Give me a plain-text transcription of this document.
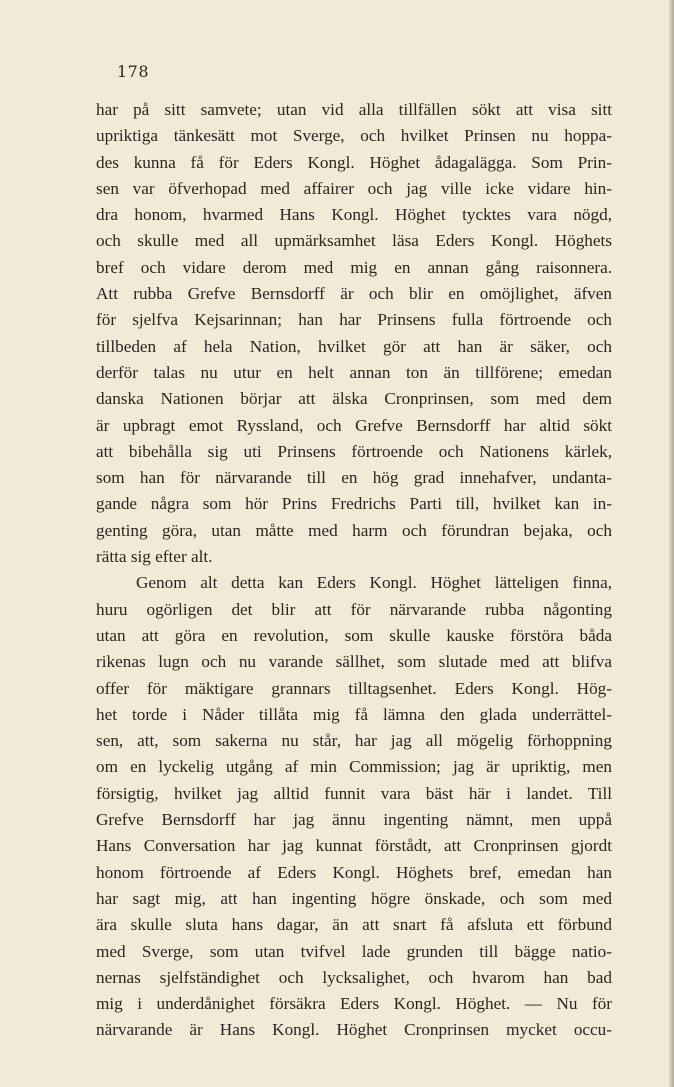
178
har på sitt samvete; utan vid alla tillfällen sökt att visa sitt
upriktiga tänkesätt mot Sverge, och hvilket Prinsen nu hoppa-
des kunna få för Eders Kongl. Höghet ådagalägga. Som Prin-
sen var öfverhopad med affairer och jag ville icke vidare hin-
dra honom, hvarmed Hans Kongl. Höghet tycktes vara nögd,
och skulle med all upmärksamhet läsa Eders Kongl. Höghets
bref och vidare derom med mig en annan gång raisonnera.
Att rubba Grefve Bernsdorff är och blir en omöjlighet, äfven
för sjelfva Kejsarinnan; han har Prinsens fulla förtroende och
tillbeden af hela Nation, hvilket gör att han är säker, och
derför talas nu utur en helt annan ton än tillförene; emedan
danska Nationen börjar att älska Cronprinsen, som med dem
är upbragt emot Ryssland, och Grefve Bernsdorff har altid sökt
att bibehålla sig uti Prinsens förtroende och Nationens kärlek,
som han för närvarande till en hög grad innehafver, undanta-
gande några som hör Prins Fredrichs Parti till, hvilket kan in-
genting göra, utan måtte med harm och förundran bejaka, och
rätta sig efter alt.
Genom alt detta kan Eders Kongl. Höghet lätteligen finna,
huru ogörligen det blir att för närvarande rubba någonting
utan att göra en revolution, som skulle kauske förstöra båda
rikenas lugn och nu varande sällhet, som slutade med att blifva
offer för mäktigare grannars tilltagsenhet. Eders Kongl. Hög-
het torde i Nåder tillåta mig få lämna den glada underrättel-
sen, att, som sakerna nu står, har jag all mögelig förhoppning
om en lyckelig utgång af min Commission; jag är upriktig, men
försigtig, hvilket jag alltid funnit vara bäst här i landet. Till
Grefve Bernsdorff har jag ännu ingenting nämnt, men uppå
Hans Conversation har jag kunnat förstådt, att Cronprinsen gjordt
honom förtroende af Eders Kongl. Höghets bref, emedan han
har sagt mig, att han ingenting högre önskade, och som med
ära skulle sluta hans dagar, än att snart få afsluta ett förbund
med Sverge, som utan tvifvel lade grunden till bägge natio-
nernas sjelfständighet och lycksalighet, och hvarom han bad
mig i underdånighet försäkra Eders Kongl. Höghet. — Nu för
närvarande är Hans Kongl. Höghet Cronprinsen mycket occu-
